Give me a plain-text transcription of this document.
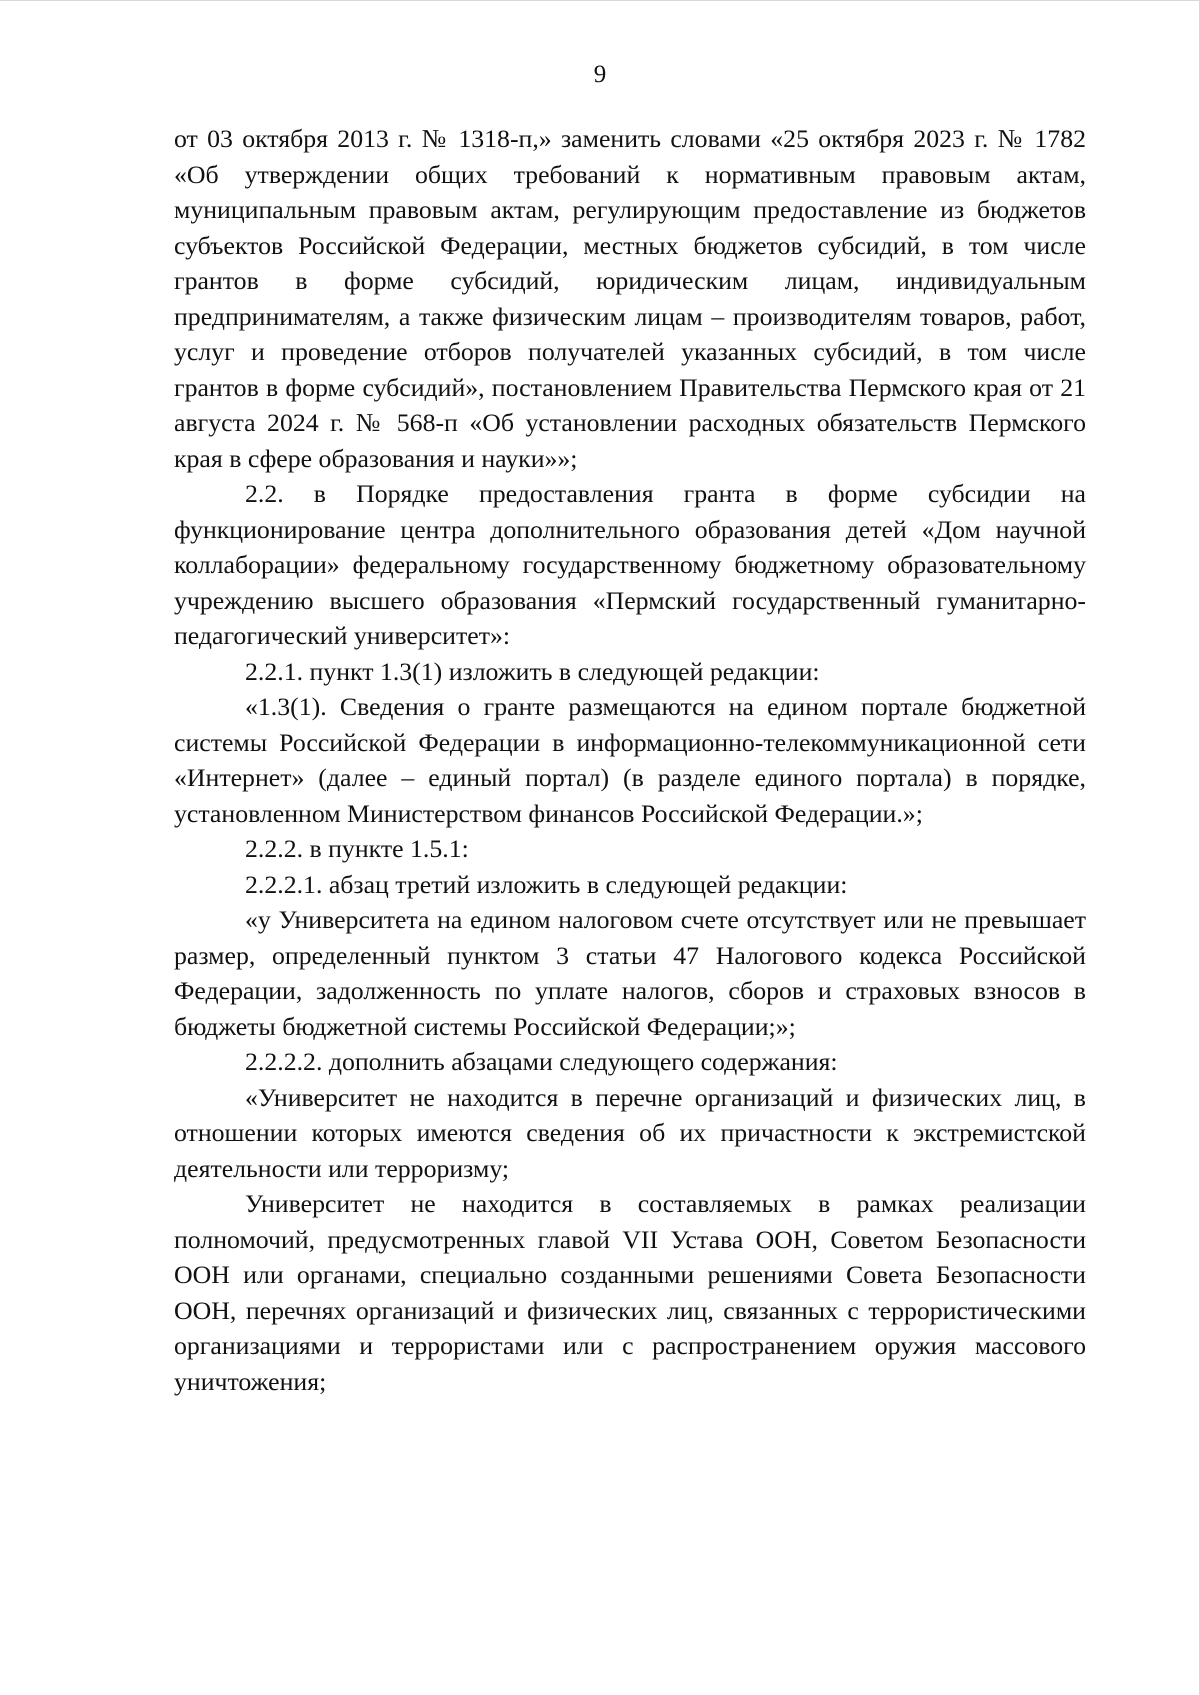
9

от 03 октября 2013 г. № 1318-п,» заменить словами «25 октября 2023 г. № 1782 «Об утверждении общих требований к нормативным правовым актам, муниципальным правовым актам, регулирующим предоставление из бюджетов субъектов Российской Федерации, местных бюджетов субсидий, в том числе грантов в форме субсидий, юридическим лицам, индивидуальным предпринимателям, а также физическим лицам – производителям товаров, работ, услуг и проведение отборов получателей указанных субсидий, в том числе грантов в форме субсидий», постановлением Правительства Пермского края от 21 августа 2024 г. № 568-п «Об установлении расходных обязательств Пермского края в сфере образования и науки»»;

2.2. в Порядке предоставления гранта в форме субсидии на функционирование центра дополнительного образования детей «Дом научной коллаборации» федеральному государственному бюджетному образовательному учреждению высшего образования «Пермский государственный гуманитарно-педагогический университет»:

2.2.1. пункт 1.3(1) изложить в следующей редакции:

«1.3(1). Сведения о гранте размещаются на едином портале бюджетной системы Российской Федерации в информационно-телекоммуникационной сети «Интернет» (далее – единый портал) (в разделе единого портала) в порядке, установленном Министерством финансов Российской Федерации.»;

2.2.2. в пункте 1.5.1:

2.2.2.1. абзац третий изложить в следующей редакции:

«у Университета на едином налоговом счете отсутствует или не превышает размер, определенный пунктом 3 статьи 47 Налогового кодекса Российской Федерации, задолженность по уплате налогов, сборов и страховых взносов в бюджеты бюджетной системы Российской Федерации;»;

2.2.2.2. дополнить абзацами следующего содержания:

«Университет не находится в перечне организаций и физических лиц, в отношении которых имеются сведения об их причастности к экстремистской деятельности или терроризму;

Университет не находится в составляемых в рамках реализации полномочий, предусмотренных главой VII Устава ООН, Советом Безопасности ООН или органами, специально созданными решениями Совета Безопасности ООН, перечнях организаций и физических лиц, связанных с террористическими организациями и террористами или с распространением оружия массового уничтожения;
